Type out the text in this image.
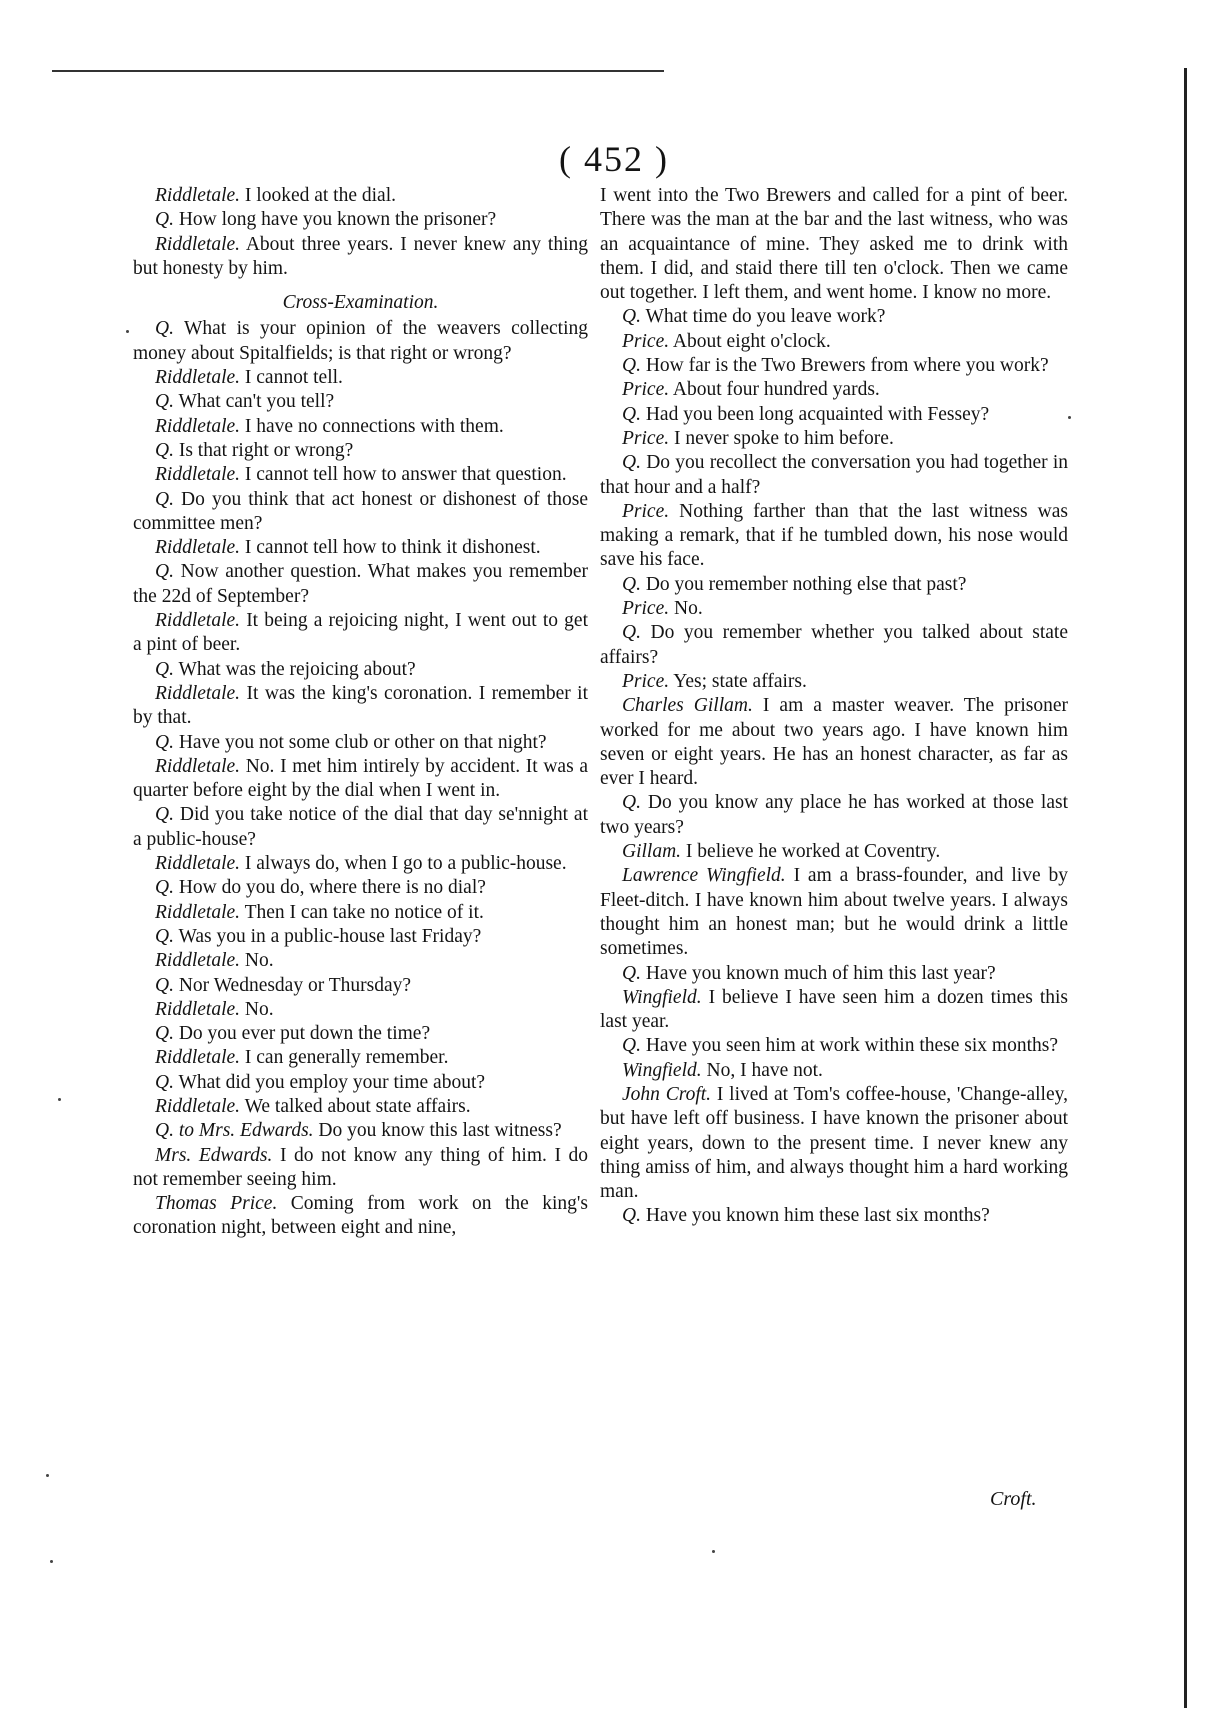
( 452 )

Riddletale. I looked at the dial.

Q. How long have you known the prisoner?

Riddletale. About three years. I never knew any thing but honesty by him.

Cross-Examination.

Q. What is your opinion of the weavers collecting money about Spitalfields; is that right or wrong?

Riddletale. I cannot tell.

Q. What can't you tell?

Riddletale. I have no connections with them.

Q. Is that right or wrong?

Riddletale. I cannot tell how to answer that question.

Q. Do you think that act honest or dishonest of those committee men?

Riddletale. I cannot tell how to think it dishonest.

Q. Now another question. What makes you remember the 22d of September?

Riddletale. It being a rejoicing night, I went out to get a pint of beer.

Q. What was the rejoicing about?

Riddletale. It was the king's coronation. I remember it by that.

Q. Have you not some club or other on that night?

Riddletale. No. I met him intirely by accident. It was a quarter before eight by the dial when I went in.

Q. Did you take notice of the dial that day se'nnight at a public-house?

Riddletale. I always do, when I go to a public-house.

Q. How do you do, where there is no dial?

Riddletale. Then I can take no notice of it.

Q. Was you in a public-house last Friday?

Riddletale. No.

Q. Nor Wednesday or Thursday?

Riddletale. No.

Q. Do you ever put down the time?

Riddletale. I can generally remember.

Q. What did you employ your time about?

Riddletale. We talked about state affairs.

Q. to Mrs. Edwards. Do you know this last witness?

Mrs. Edwards. I do not know any thing of him. I do not remember seeing him.

Thomas Price. Coming from work on the king's coronation night, between eight and nine,

I went into the Two Brewers and called for a pint of beer. There was the man at the bar and the last witness, who was an acquaintance of mine. They asked me to drink with them. I did, and staid there till ten o'clock. Then we came out together. I left them, and went home. I know no more.

Q. What time do you leave work?

Price. About eight o'clock.

Q. How far is the Two Brewers from where you work?

Price. About four hundred yards.

Q. Had you been long acquainted with Fessey?

Price. I never spoke to him before.

Q. Do you recollect the conversation you had together in that hour and a half?

Price. Nothing farther than that the last witness was making a remark, that if he tumbled down, his nose would save his face.

Q. Do you remember nothing else that past?

Price. No.

Q. Do you remember whether you talked about state affairs?

Price. Yes; state affairs.

Charles Gillam. I am a master weaver. The prisoner worked for me about two years ago. I have known him seven or eight years. He has an honest character, as far as ever I heard.

Q. Do you know any place he has worked at those last two years?

Gillam. I believe he worked at Coventry.

Lawrence Wingfield. I am a brass-founder, and live by Fleet-ditch. I have known him about twelve years. I always thought him an honest man; but he would drink a little sometimes.

Q. Have you known much of him this last year?

Wingfield. I believe I have seen him a dozen times this last year.

Q. Have you seen him at work within these six months?

Wingfield. No, I have not.

John Croft. I lived at Tom's coffee-house, 'Change-alley, but have left off business. I have known the prisoner about eight years, down to the present time. I never knew any thing amiss of him, and always thought him a hard working man.

Q. Have you known him these last six months?

Croft.
